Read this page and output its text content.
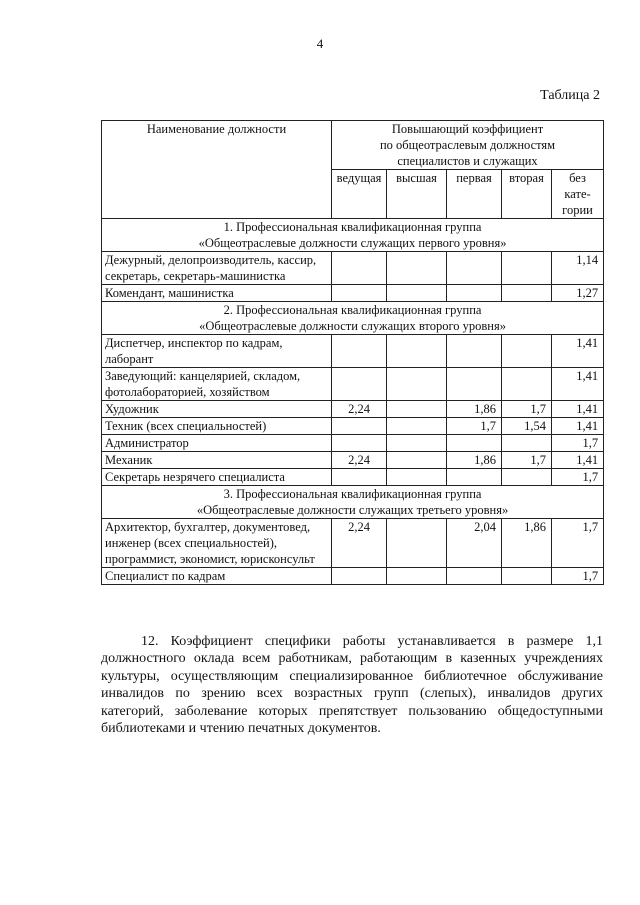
4
Таблица 2
Наименование должности	Повышающий коэффициент
по общеотраслевым должностям
специалистов и служащих				

	ведущая	высшая	первая	вторая	без
кате-
гории

1. Профессиональная квалификационная группа
«Общеотраслевые должности служащих первого уровня»					

Дежурный, делопроизводитель, кассир, секретарь, секретарь-машинистка					1,14
Комендант, машинистка					1,27

2. Профессиональная квалификационная группа
«Общеотраслевые должности служащих второго уровня»					

Диспетчер, инспектор по кадрам, лаборант					1,41
Заведующий: канцелярией, складом, фотолабораторией, хозяйством					1,41
Художник	2,24		1,86	1,7	1,41
Техник (всех специальностей)			1,7	1,54	1,41
Администратор					1,7
Механик	2,24		1,86	1,7	1,41
Секретарь незрячего специалиста					1,7

3. Профессиональная квалификационная группа
«Общеотраслевые должности служащих третьего уровня»					

Архитектор, бухгалтер, документовед, инженер (всех специальностей), программист, экономист, юрисконсульт	2,24		2,04	1,86	1,7
Специалист по кадрам					1,7
12. Коэффициент специфики работы устанавливается в размере 1,1 должностного оклада всем работникам, работающим в казенных учреждениях культуры, осуществляющим специализированное библиотечное обслуживание инвалидов по зрению всех возрастных групп (слепых), инвалидов других категорий, заболевание которых препятствует пользованию общедоступными библиотеками и чтению печатных документов.
